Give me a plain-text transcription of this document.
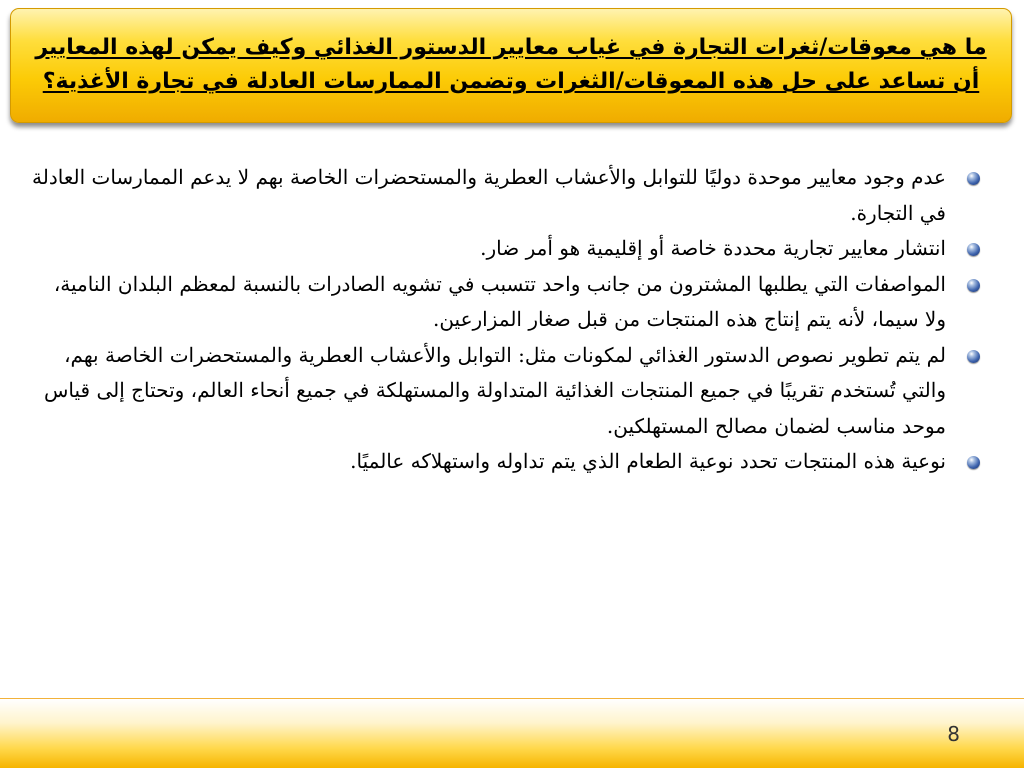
ما هي معوقات/ثغرات التجارة في غياب معايير الدستور الغذائي وكيف يمكن لهذه المعايير أن تساعد على حل هذه المعوقات/الثغرات وتضمن الممارسات العادلة في تجارة الأغذية؟
عدم وجود معايير موحدة دوليًا للتوابل والأعشاب العطرية والمستحضرات الخاصة بهم لا يدعم الممارسات العادلة في التجارة.
انتشار معايير تجارية محددة خاصة أو إقليمية هو أمر ضار.
المواصفات التي يطلبها المشترون من جانب واحد تتسبب في تشويه الصادرات بالنسبة لمعظم البلدان النامية، ولا سيما، لأنه يتم إنتاج هذه المنتجات من قبل صغار المزارعين.
لم يتم تطوير نصوص الدستور الغذائي لمكونات مثل: التوابل والأعشاب العطرية والمستحضرات الخاصة بهم، والتي تُستخدم تقريبًا في جميع المنتجات الغذائية المتداولة والمستهلكة في جميع أنحاء العالم، وتحتاج إلى قياس موحد مناسب لضمان مصالح المستهلكين.
نوعية هذه المنتجات تحدد نوعية الطعام الذي يتم تداوله واستهلاكه عالميًا.
8
